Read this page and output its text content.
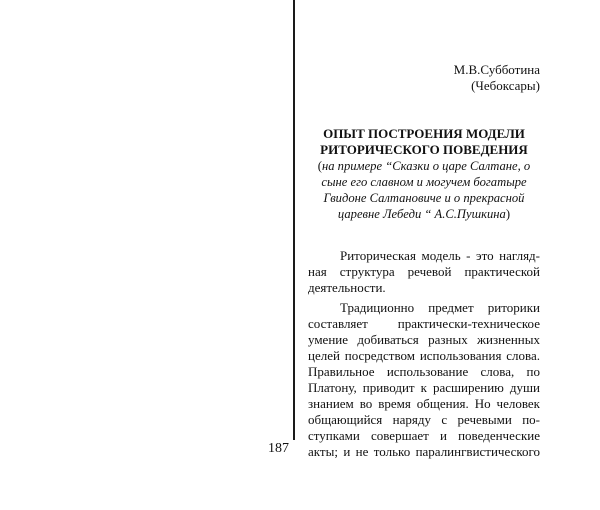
М.В.Субботина
(Чебоксары)
ОПЫТ ПОСТРОЕНИЯ МОДЕЛИ
РИТОРИЧЕСКОГО ПОВЕДЕНИЯ
(на примере “Сказки о царе Салтане, о
сыне его славном и могучем богатыре
Гвидоне Салтановиче и о прекрасной
царевне Лебеди “ А.С.Пушкина)
Риторическая модель - это нагляд-
ная структура речевой практической
деятельности.
Традиционно предмет риторики
составляет практически-техническое
умение добиваться разных жизненных
целей посредством использования слова.
Правильное использование слова, по
Платону, приводит к расширению души
знанием во время общения. Но человек
общающийся наряду с речевыми по-
ступками совершает и поведенческие
акты; и не только паралингвистического
187
